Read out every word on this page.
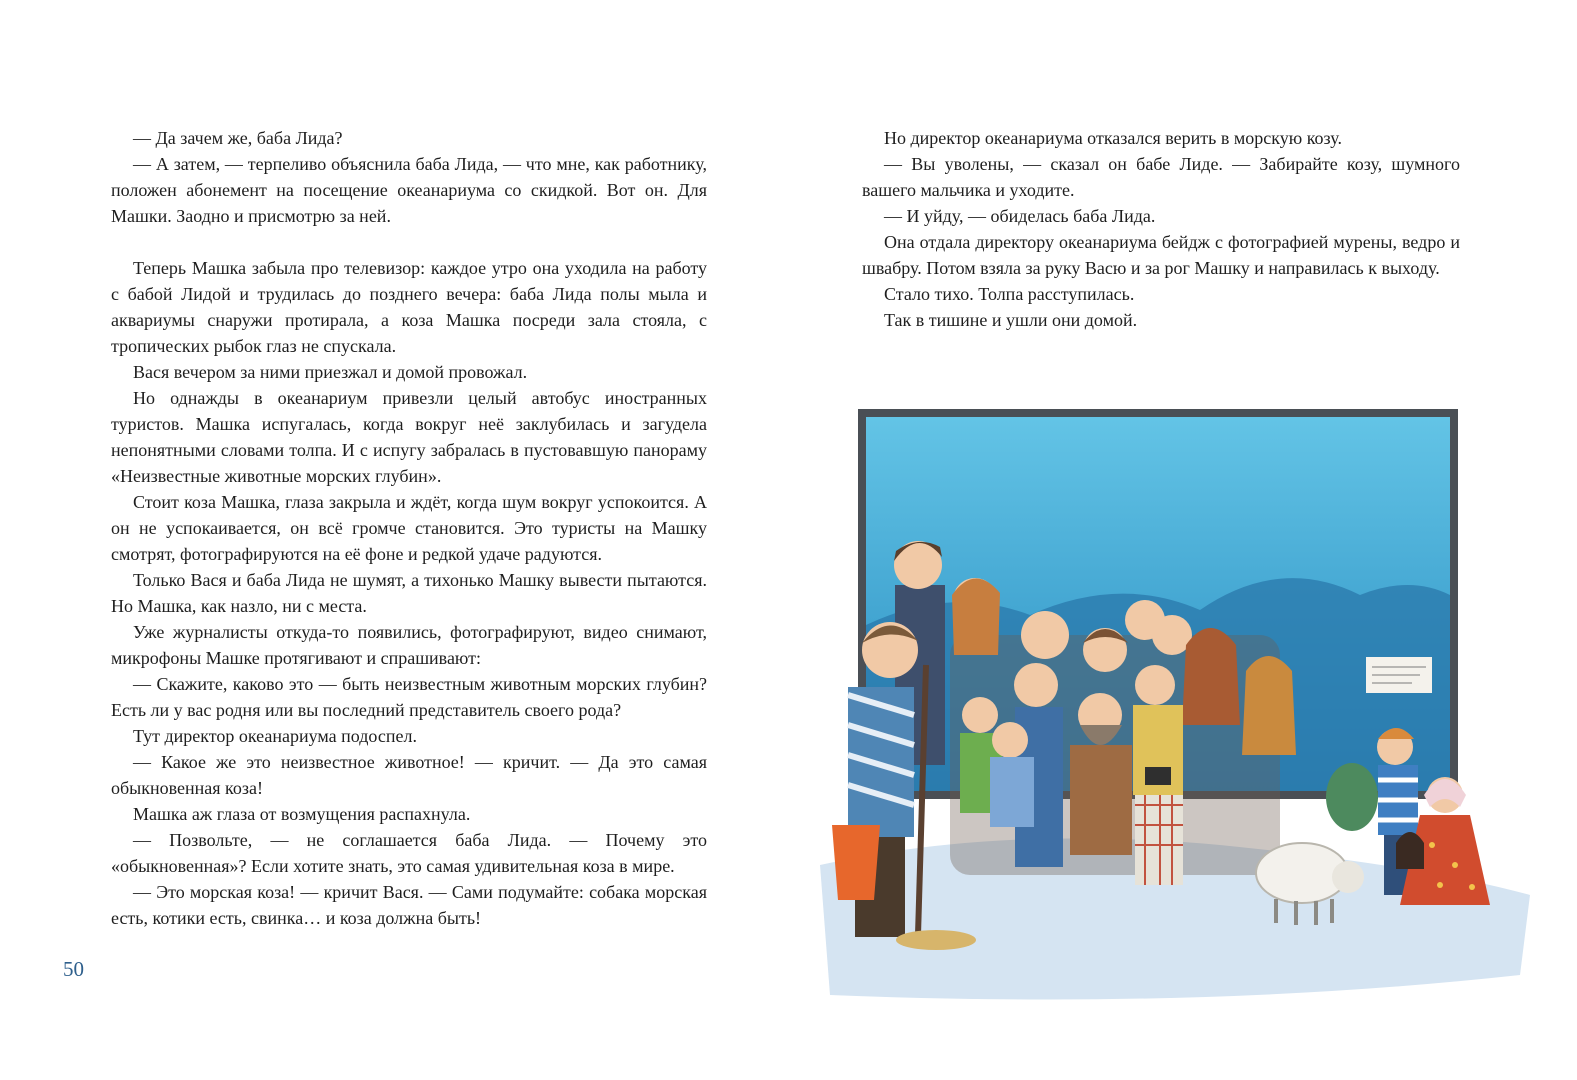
— Да зачем же, баба Лида?

— А затем, — терпеливо объяснила баба Лида, — что мне, как работнику, положен абонемент на посещение океанариума со скидкой. Вот он. Для Машки. Заодно и присмотрю за ней.

Теперь Машка забыла про телевизор: каждое утро она уходила на работу с бабой Лидой и трудилась до позднего вечера: баба Лида полы мыла и аквариумы снаружи протирала, а коза Машка посреди зала стояла, с тропических рыбок глаз не спускала.

Вася вечером за ними приезжал и домой провожал.

Но однажды в океанариум привезли целый автобус иностранных туристов. Машка испугалась, когда вокруг неё заклубилась и загудела непонятными словами толпа. И с испугу забралась в пустовавшую панораму «Неизвестные животные морских глубин».

Стоит коза Машка, глаза закрыла и ждёт, когда шум вокруг успокоится. А он не успокаивается, он всё громче становится. Это туристы на Машку смотрят, фотографируются на её фоне и редкой удаче радуются.

Только Вася и баба Лида не шумят, а тихонько Машку вывести пытаются. Но Машка, как назло, ни с места.

Уже журналисты откуда-то появились, фотографируют, видео снимают, микрофоны Машке протягивают и спрашивают:

— Скажите, каково это — быть неизвестным животным морских глубин? Есть ли у вас родня или вы последний представитель своего рода?

Тут директор океанариума подоспел.

— Какое же это неизвестное животное! — кричит. — Да это самая обыкновенная коза!

Машка аж глаза от возмущения распахнула.

— Позвольте, — не соглашается баба Лида. — Почему это «обыкновенная»? Если хотите знать, это самая удивительная коза в мире.

— Это морская коза! — кричит Вася. — Сами подумайте: собака морская есть, котики есть, свинка… и коза должна быть!

Но директор океанариума отказался верить в морскую козу.

— Вы уволены, — сказал он бабе Лиде. — Забирайте козу, шумного вашего мальчика и уходите.

— И уйду, — обиделась баба Лида.

Она отдала директору океанариума бейдж с фотографией мурены, ведро и швабру. Потом взяла за руку Васю и за рог Машку и направилась к выходу.

Стало тихо. Толпа расступилась.

Так в тишине и ушли они домой.

50
